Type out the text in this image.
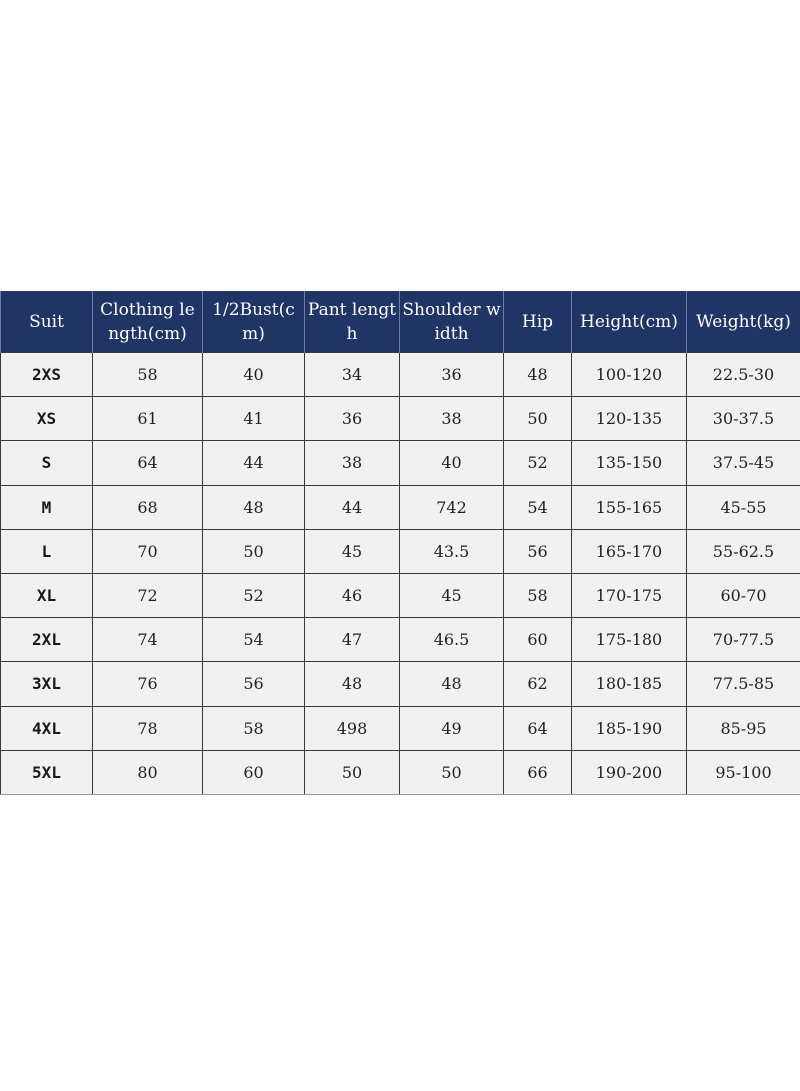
Suit	Clothing length(cm)	1/2Bust(cm)	Pant length	Shoulder width	Hip	Height(cm)	Weight(kg)
2XS	58	40	34	36	48	100-120	22.5-30
XS	61	41	36	38	50	120-135	30-37.5
S	64	44	38	40	52	135-150	37.5-45
M	68	48	44	742	54	155-165	45-55
L	70	50	45	43.5	56	165-170	55-62.5
XL	72	52	46	45	58	170-175	60-70
2XL	74	54	47	46.5	60	175-180	70-77.5
3XL	76	56	48	48	62	180-185	77.5-85
4XL	78	58	498	49	64	185-190	85-95
5XL	80	60	50	50	66	190-200	95-100
